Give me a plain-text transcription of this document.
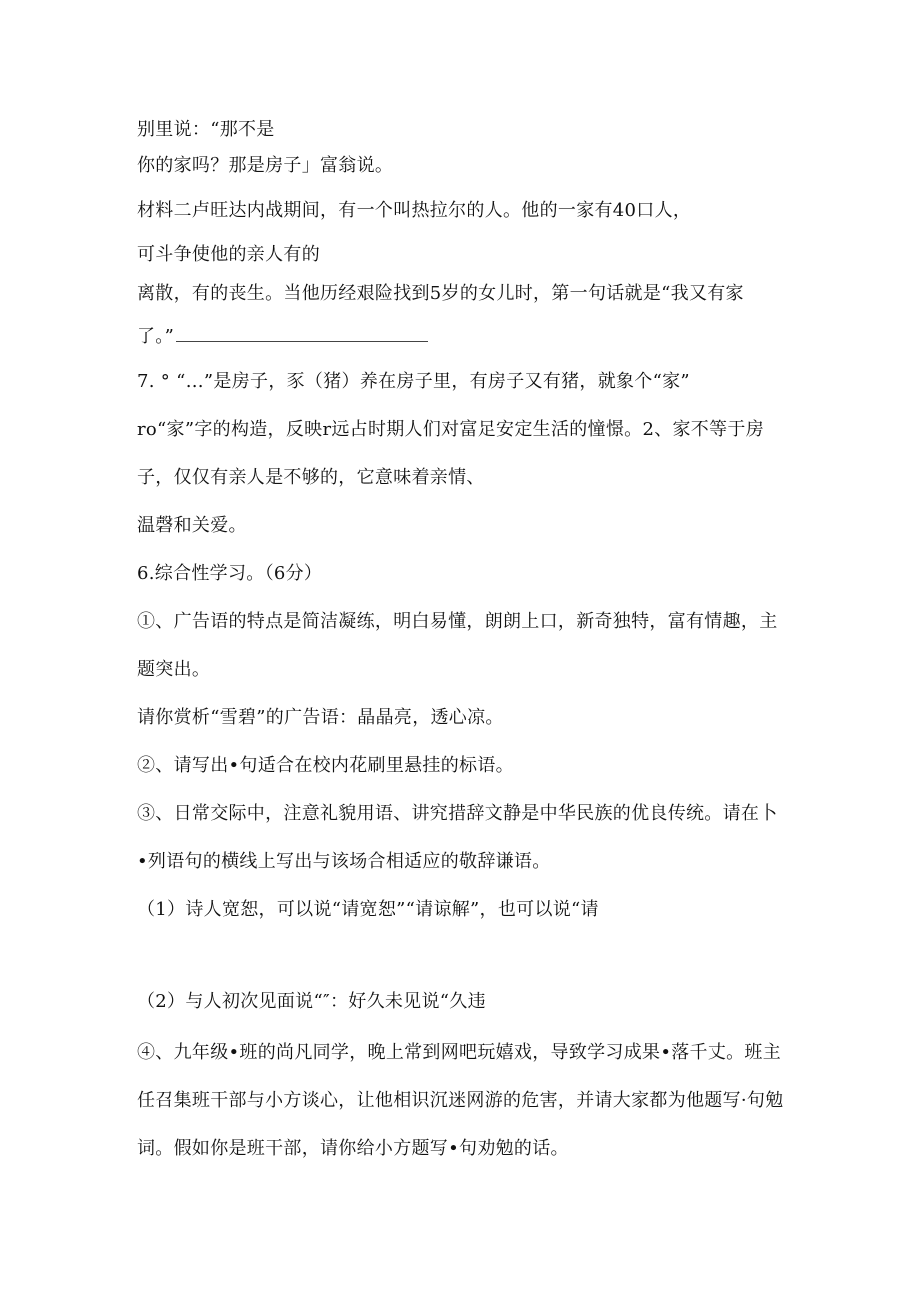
别里说：“那不是
你的家吗？那是房子」富翁说。
材料二卢旺达内战期间，有一个叫热拉尔的人。他的一家有40口人，
可斗争使他的亲人有的
离散，有的丧生。当他历经艰险找到5岁的女儿时，第一句话就是“我又有家
了。”
7. ° “…”是房子，豕（猪）养在房子里，有房子又有猪，就象个“家”
ro“家”字的构造，反映r远占时期人们对富足安定生活的憧憬。2、家不等于房
子，仅仅有亲人是不够的，它意味着亲情、
温磬和关爱。
6.综合性学习。（6分）
①、广告语的特点是简洁凝练，明白易懂，朗朗上口，新奇独特，富有情趣，主
题突出。
请你赏析“雪碧”的广告语：晶晶亮，透心凉。
②、请写出•句适合在校内花刷里悬挂的标语。
③、日常交际中，注意礼貌用语、讲究措辞文静是中华民族的优良传统。请在卜
•列语句的横线上写出与该场合相适应的敬辞谦语。
（1）诗人宽恕，可以说“请宽恕”“请谅解”，也可以说“请
（2）与人初次见面说“″：好久未见说“久违
④、九年级•班的尚凡同学，晚上常到网吧玩嬉戏，导致学习成果•落千丈。班主
任召集班干部与小方谈心，让他相识沉迷网游的危害，并请大家都为他题写·句勉
词。假如你是班干部，请你给小方题写•句劝勉的话。
